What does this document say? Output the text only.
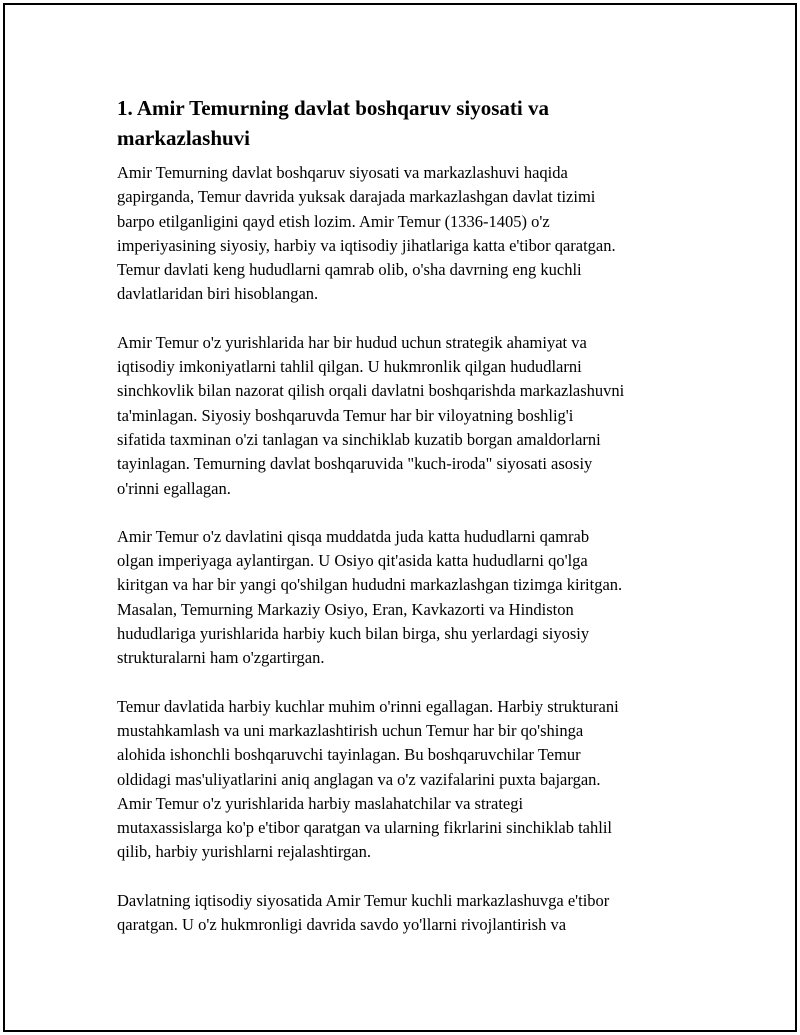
1. Amir Temurning davlat boshqaruv siyosati va
markazlashuvi

Amir Temurning davlat boshqaruv siyosati va markazlashuvi haqida
gapirganda, Temur davrida yuksak darajada markazlashgan davlat tizimi
barpo etilganligini qayd etish lozim. Amir Temur (1336-1405) o'z
imperiyasining siyosiy, harbiy va iqtisodiy jihatlariga katta e'tibor qaratgan.
Temur davlati keng hududlarni qamrab olib, o'sha davrning eng kuchli
davlatlaridan biri hisoblangan.

Amir Temur o'z yurishlarida har bir hudud uchun strategik ahamiyat va
iqtisodiy imkoniyatlarni tahlil qilgan. U hukmronlik qilgan hududlarni
sinchkovlik bilan nazorat qilish orqali davlatni boshqarishda markazlashuvni
ta'minlagan. Siyosiy boshqaruvda Temur har bir viloyatning boshlig'i
sifatida taxminan o'zi tanlagan va sinchiklab kuzatib borgan amaldorlarni
tayinlagan. Temurning davlat boshqaruvida "kuch-iroda" siyosati asosiy
o'rinni egallagan.

Amir Temur o'z davlatini qisqa muddatda juda katta hududlarni qamrab
olgan imperiyaga aylantirgan. U Osiyo qit'asida katta hududlarni qo'lga
kiritgan va har bir yangi qo'shilgan hududni markazlashgan tizimga kiritgan.
Masalan, Temurning Markaziy Osiyo, Eran, Kavkazorti va Hindiston
hududlariga yurishlarida harbiy kuch bilan birga, shu yerlardagi siyosiy
strukturalarni ham o'zgartirgan.

Temur davlatida harbiy kuchlar muhim o'rinni egallagan. Harbiy strukturani
mustahkamlash va uni markazlashtirish uchun Temur har bir qo'shinga
alohida ishonchli boshqaruvchi tayinlagan. Bu boshqaruvchilar Temur
oldidagi mas'uliyatlarini aniq anglagan va o'z vazifalarini puxta bajargan.
Amir Temur o'z yurishlarida harbiy maslahatchilar va strategi
mutaxassislarga ko'p e'tibor qaratgan va ularning fikrlarini sinchiklab tahlil
qilib, harbiy yurishlarni rejalashtirgan.

Davlatning iqtisodiy siyosatida Amir Temur kuchli markazlashuvga e'tibor
qaratgan. U o'z hukmronligi davrida savdo yo'llarni rivojlantirish va
